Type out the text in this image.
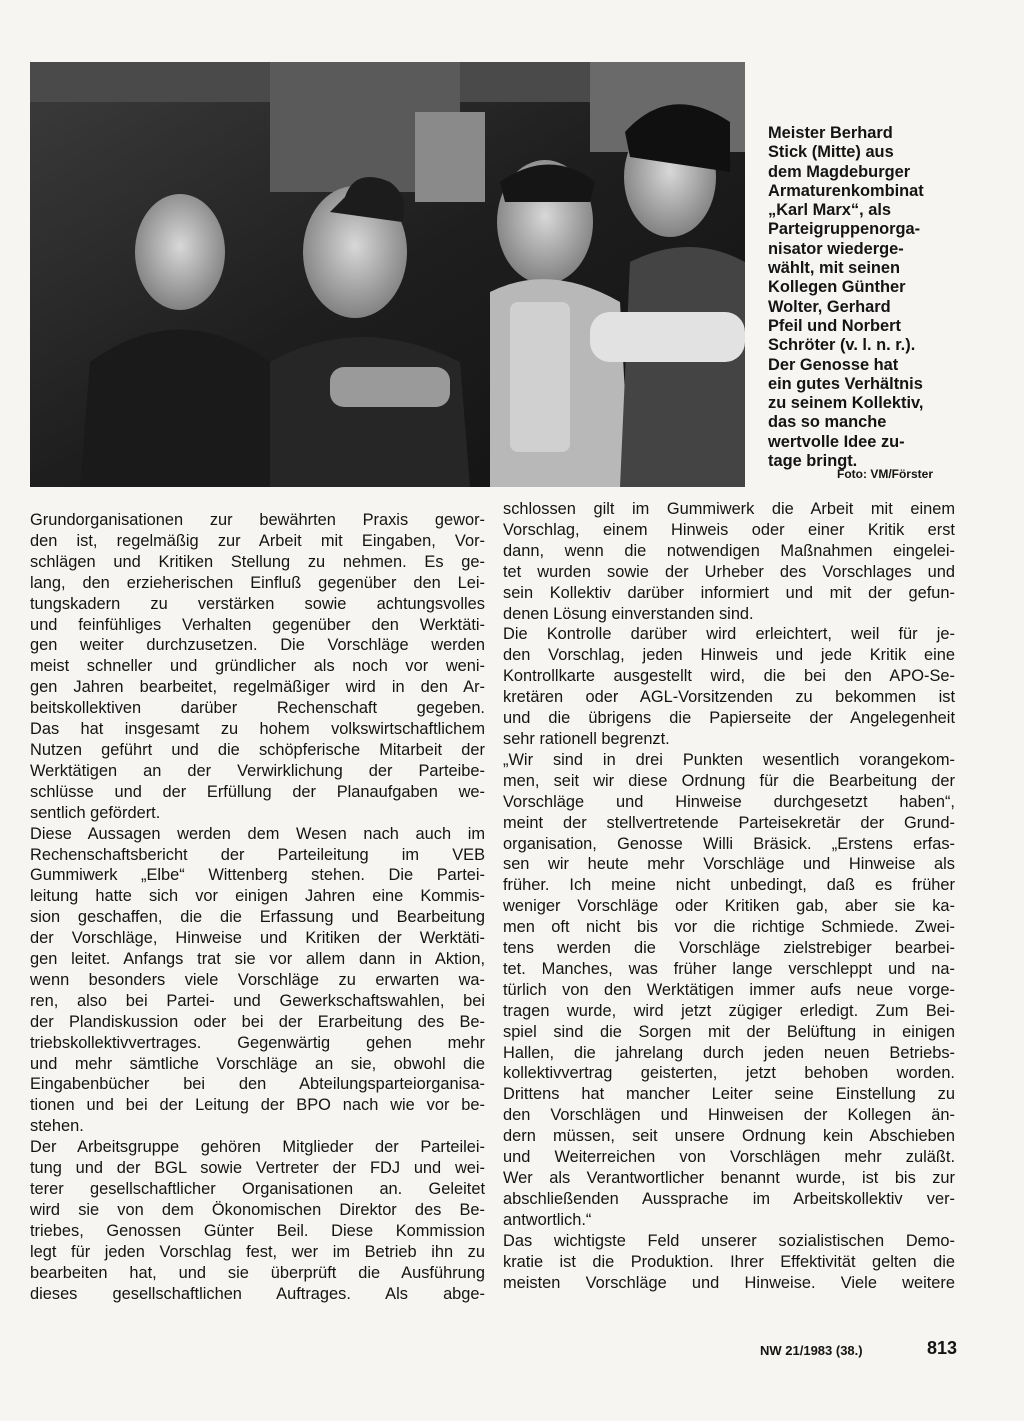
Meister Berhard

Stick (Mitte) aus

dem Magdeburger

Armaturenkombinat

„Karl Marx“, als

Parteigruppenorga-

nisator wiederge-

wählt, mit seinen

Kollegen Günther

Wolter, Gerhard

Pfeil und Norbert

Schröter (v. l. n. r.).

Der Genosse hat

ein gutes Verhältnis

zu seinem Kollektiv,

das so manche

wertvolle Idee zu-

tage bringt.

Foto: VM/Förster
Grundorganisationen zur bewährten Praxis gewor-
den ist, regelmäßig zur Arbeit mit Eingaben, Vor-
schlägen und Kritiken Stellung zu nehmen. Es ge-
lang, den erzieherischen Einfluß gegenüber den Lei-
tungskadern zu verstärken sowie achtungsvolles
und feinfühliges Verhalten gegenüber den Werktäti-
gen weiter durchzusetzen. Die Vorschläge werden
meist schneller und gründlicher als noch vor weni-
gen Jahren bearbeitet, regelmäßiger wird in den Ar-
beitskollektiven darüber Rechenschaft gegeben.
Das hat insgesamt zu hohem volkswirtschaftlichem
Nutzen geführt und die schöpferische Mitarbeit der
Werktätigen an der Verwirklichung der Parteibe-
schlüsse und der Erfüllung der Planaufgaben we-
sentlich gefördert.
Diese Aussagen werden dem Wesen nach auch im
Rechenschaftsbericht der Parteileitung im VEB
Gummiwerk „Elbe“ Wittenberg stehen. Die Partei-
leitung hatte sich vor einigen Jahren eine Kommis-
sion geschaffen, die die Erfassung und Bearbeitung
der Vorschläge, Hinweise und Kritiken der Werktäti-
gen leitet. Anfangs trat sie vor allem dann in Aktion,
wenn besonders viele Vorschläge zu erwarten wa-
ren, also bei Partei- und Gewerkschaftswahlen, bei
der Plandiskussion oder bei der Erarbeitung des Be-
triebskollektivvertrages. Gegenwärtig gehen mehr
und mehr sämtliche Vorschläge an sie, obwohl die
Eingabenbücher bei den Abteilungsparteiorganisa-
tionen und bei der Leitung der BPO nach wie vor be-
stehen.
Der Arbeitsgruppe gehören Mitglieder der Parteilei-
tung und der BGL sowie Vertreter der FDJ und wei-
terer gesellschaftlicher Organisationen an. Geleitet
wird sie von dem Ökonomischen Direktor des Be-
triebes, Genossen Günter Beil. Diese Kommission
legt für jeden Vorschlag fest, wer im Betrieb ihn zu
bearbeiten hat, und sie überprüft die Ausführung
dieses gesellschaftlichen Auftrages. Als abge-
schlossen gilt im Gummiwerk die Arbeit mit einem
Vorschlag, einem Hinweis oder einer Kritik erst
dann, wenn die notwendigen Maßnahmen eingelei-
tet wurden sowie der Urheber des Vorschlages und
sein Kollektiv darüber informiert und mit der gefun-
denen Lösung einverstanden sind.
Die Kontrolle darüber wird erleichtert, weil für je-
den Vorschlag, jeden Hinweis und jede Kritik eine
Kontrollkarte ausgestellt wird, die bei den APO-Se-
kretären oder AGL-Vorsitzenden zu bekommen ist
und die übrigens die Papierseite der Angelegenheit
sehr rationell begrenzt.
„Wir sind in drei Punkten wesentlich vorangekom-
men, seit wir diese Ordnung für die Bearbeitung der
Vorschläge und Hinweise durchgesetzt haben“,
meint der stellvertretende Parteisekretär der Grund-
organisation, Genosse Willi Bräsick. „Erstens erfas-
sen wir heute mehr Vorschläge und Hinweise als
früher. Ich meine nicht unbedingt, daß es früher
weniger Vorschläge oder Kritiken gab, aber sie ka-
men oft nicht bis vor die richtige Schmiede. Zwei-
tens werden die Vorschläge zielstrebiger bearbei-
tet. Manches, was früher lange verschleppt und na-
türlich von den Werktätigen immer aufs neue vorge-
tragen wurde, wird jetzt zügiger erledigt. Zum Bei-
spiel sind die Sorgen mit der Belüftung in einigen
Hallen, die jahrelang durch jeden neuen Betriebs-
kollektivvertrag geisterten, jetzt behoben worden.
Drittens hat mancher Leiter seine Einstellung zu
den Vorschlägen und Hinweisen der Kollegen än-
dern müssen, seit unsere Ordnung kein Abschieben
und Weiterreichen von Vorschlägen mehr zuläßt.
Wer als Verantwortlicher benannt wurde, ist bis zur
abschließenden Aussprache im Arbeitskollektiv ver-
antwortlich.“
Das wichtigste Feld unserer sozialistischen Demo-
kratie ist die Produktion. Ihrer Effektivität gelten die
meisten Vorschläge und Hinweise. Viele weitere
NW 21/1983 (38.)	813
